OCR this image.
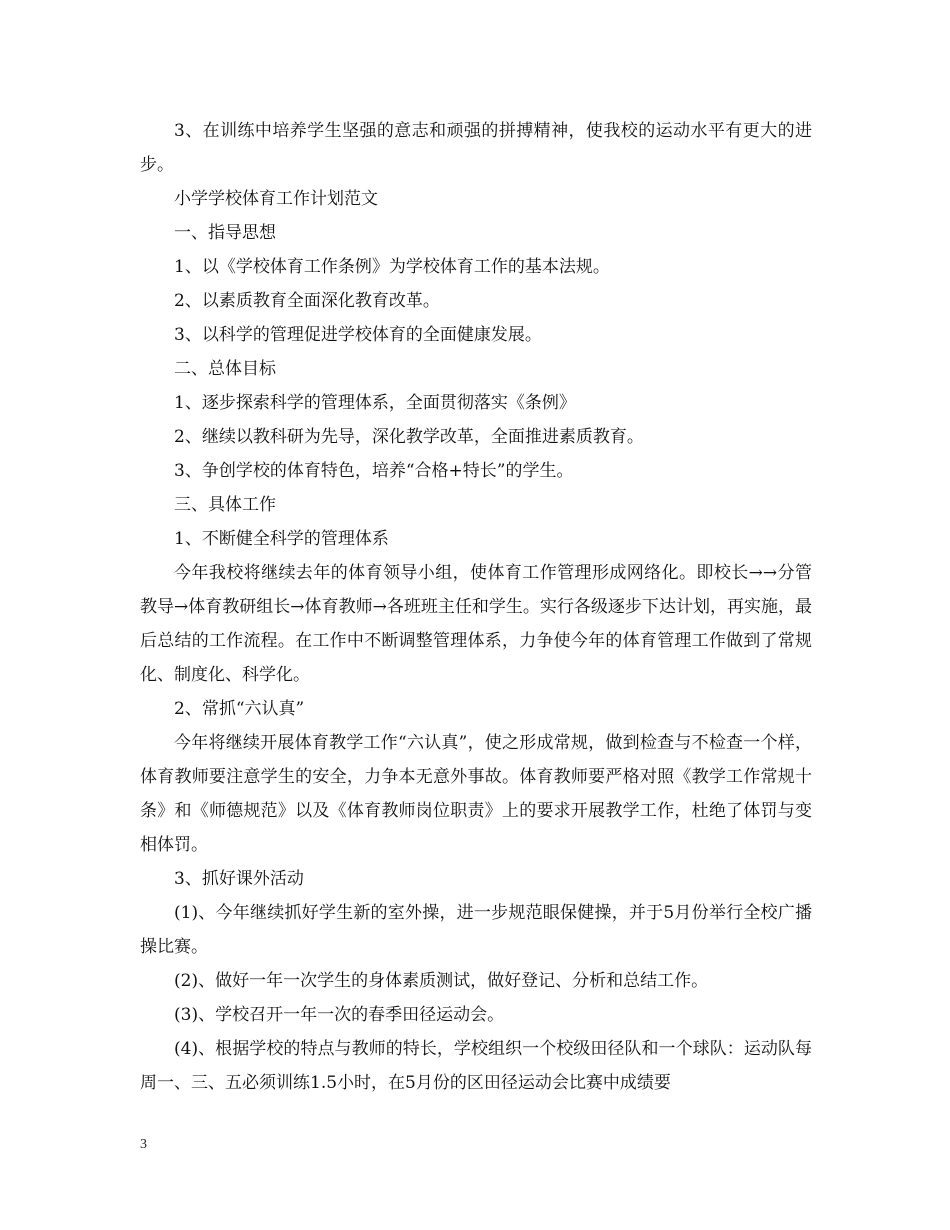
3、在训练中培养学生坚强的意志和顽强的拼搏精神，使我校的运动水平有更大的进步。

小学学校体育工作计划范文

一、指导思想

1、以《学校体育工作条例》为学校体育工作的基本法规。

2、以素质教育全面深化教育改革。

3、以科学的管理促进学校体育的全面健康发展。

二、总体目标

1、逐步探索科学的管理体系，全面贯彻落实《条例》

2、继续以教科研为先导，深化教学改革，全面推进素质教育。

3、争创学校的体育特色，培养“合格+特长”的学生。

三、具体工作

1、不断健全科学的管理体系

今年我校将继续去年的体育领导小组，使体育工作管理形成网络化。即校长→→分管教导→体育教研组长→体育教师→各班班主任和学生。实行各级逐步下达计划，再实施，最后总结的工作流程。在工作中不断调整管理体系，力争使今年的体育管理工作做到了常规化、制度化、科学化。

2、常抓“六认真”

今年将继续开展体育教学工作“六认真”，使之形成常规，做到检查与不检查一个样，体育教师要注意学生的安全，力争本无意外事故。体育教师要严格对照《教学工作常规十条》和《师德规范》以及《体育教师岗位职责》上的要求开展教学工作，杜绝了体罚与变相体罚。

3、抓好课外活动

(1)、今年继续抓好学生新的室外操，进一步规范眼保健操，并于5月份举行全校广播操比赛。

(2)、做好一年一次学生的身体素质测试，做好登记、分析和总结工作。

(3)、学校召开一年一次的春季田径运动会。

(4)、根据学校的特点与教师的特长，学校组织一个校级田径队和一个球队：运动队每周一、三、五必须训练1.5小时，在5月份的区田径运动会比赛中成绩要

3
